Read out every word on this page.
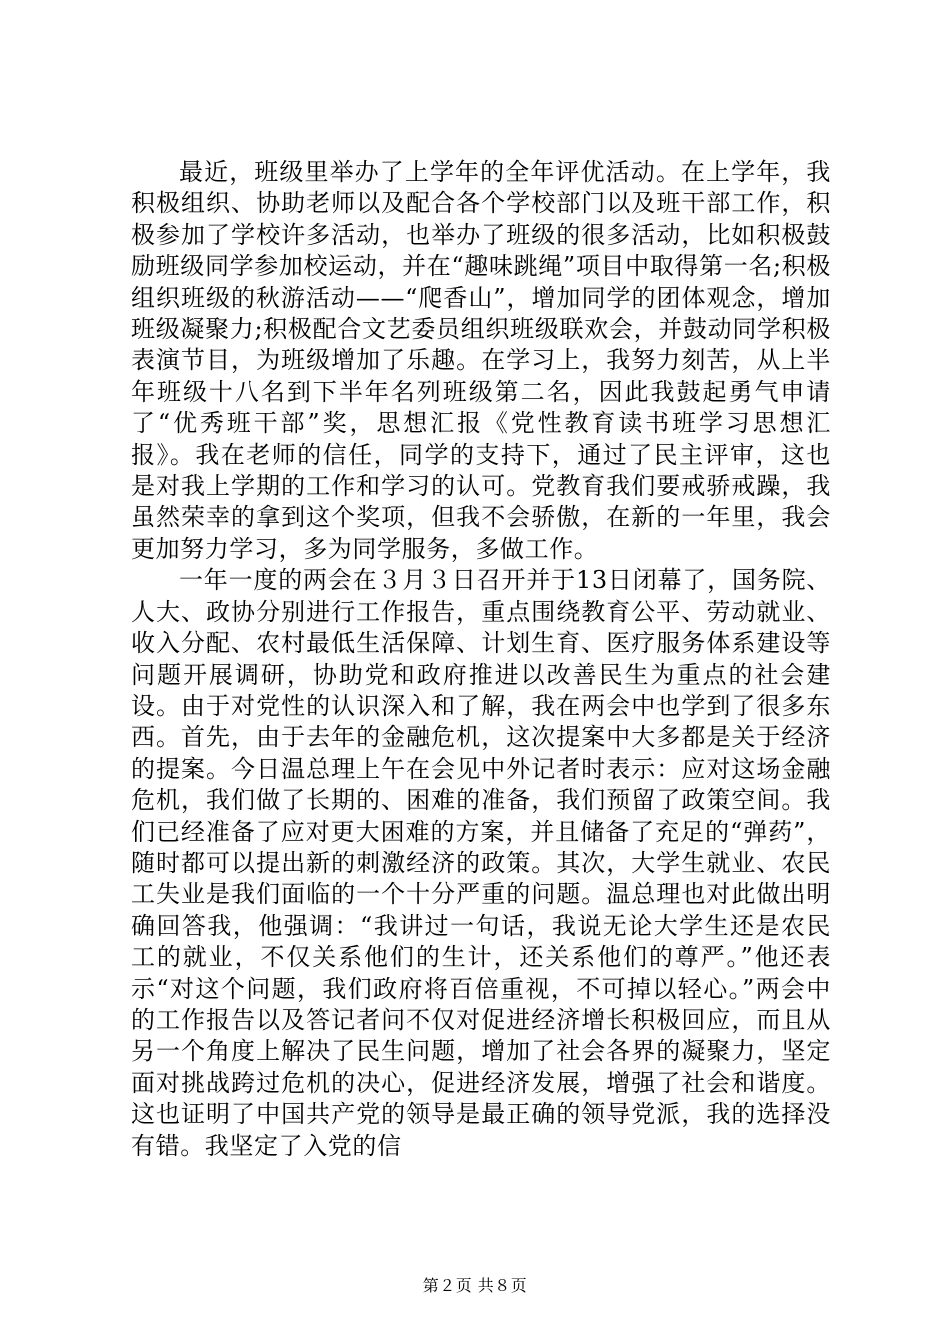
最近，班级里举办了上学年的全年评优活动。在上学年，我积极组织、协助老师以及配合各个学校部门以及班干部工作，积极参加了学校许多活动，也举办了班级的很多活动，比如积极鼓励班级同学参加校运动，并在“趣味跳绳”项目中取得第一名;积极组织班级的秋游活动——“爬香山”，增加同学的团体观念，增加班级凝聚力;积极配合文艺委员组织班级联欢会，并鼓动同学积极表演节目，为班级增加了乐趣。在学习上，我努力刻苦，从上半年班级十八名到下半年名列班级第二名，因此我鼓起勇气申请了“优秀班干部”奖，思想汇报《党性教育读书班学习思想汇报》。我在老师的信任，同学的支持下，通过了民主评审，这也是对我上学期的工作和学习的认可。党教育我们要戒骄戒躁，我虽然荣幸的拿到这个奖项，但我不会骄傲，在新的一年里，我会更加努力学习，多为同学服务，多做工作。

一年一度的两会在３月３日召开并于13日闭幕了，国务院、人大、政协分别进行工作报告，重点围绕教育公平、劳动就业、收入分配、农村最低生活保障、计划生育、医疗服务体系建设等问题开展调研，协助党和政府推进以改善民生为重点的社会建设。由于对党性的认识深入和了解，我在两会中也学到了很多东西。首先，由于去年的金融危机，这次提案中大多都是关于经济的提案。今日温总理上午在会见中外记者时表示：应对这场金融危机，我们做了长期的、困难的准备，我们预留了政策空间。我们已经准备了应对更大困难的方案，并且储备了充足的“弹药”，随时都可以提出新的刺激经济的政策。其次，大学生就业、农民工失业是我们面临的一个十分严重的问题。温总理也对此做出明确回答我，他强调：“我讲过一句话，我说无论大学生还是农民工的就业，不仅关系他们的生计，还关系他们的尊严。”他还表示“对这个问题，我们政府将百倍重视，不可掉以轻心。”两会中的工作报告以及答记者问不仅对促进经济增长积极回应，而且从另一个角度上解决了民生问题，增加了社会各界的凝聚力，坚定面对挑战跨过危机的决心，促进经济发展，增强了社会和谐度。这也证明了中国共产党的领导是最正确的领导党派，我的选择没有错。我坚定了入党的信

第２页 共８页
